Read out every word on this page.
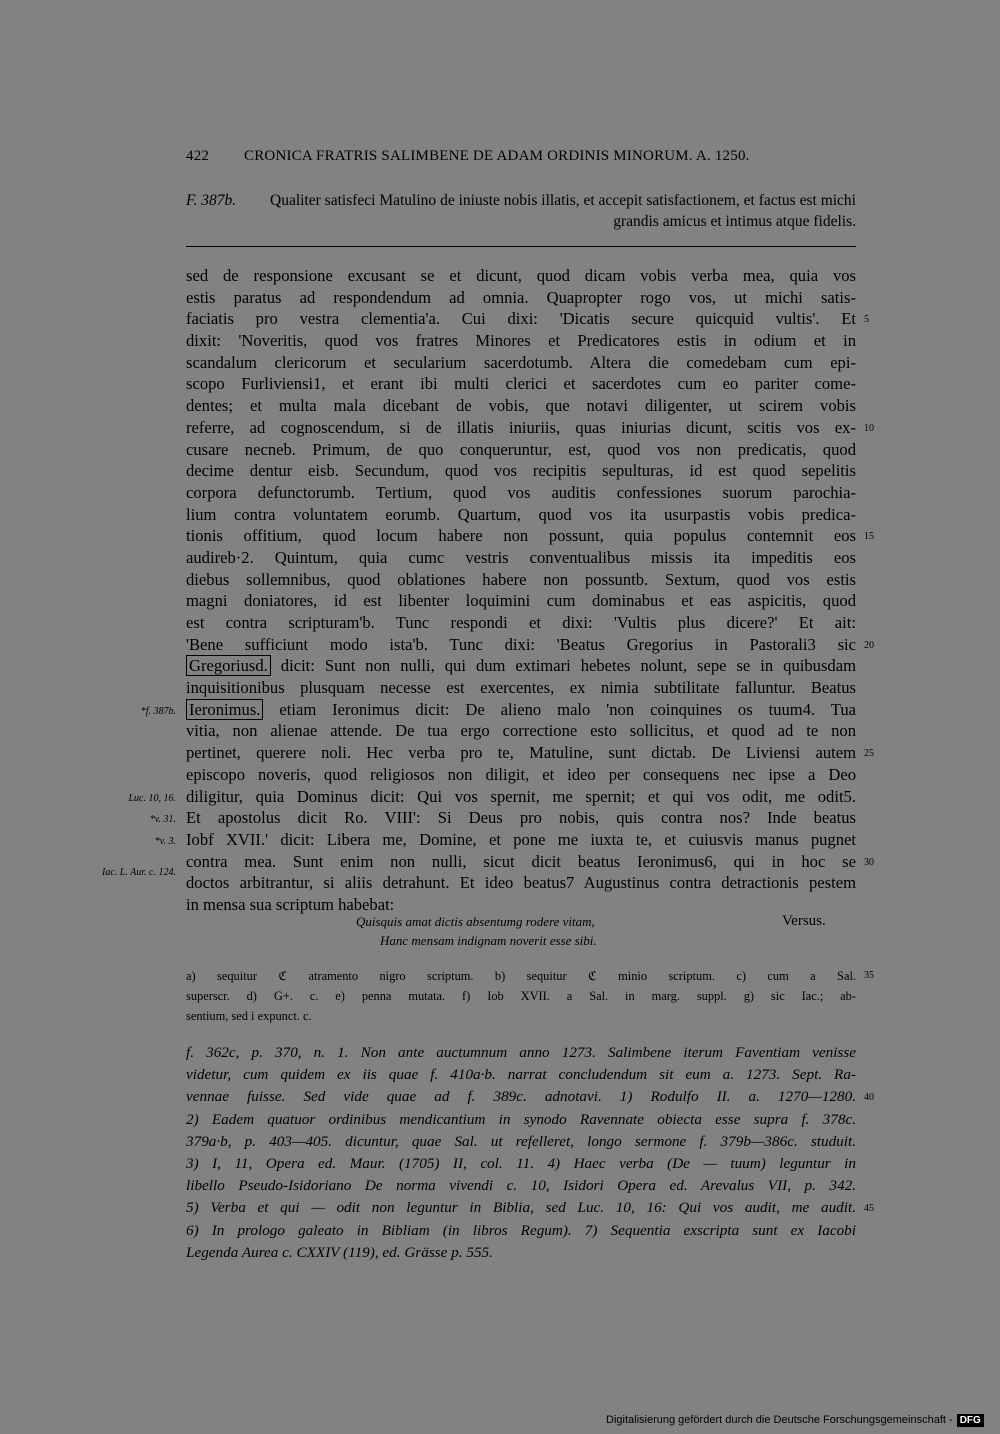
422 CRONICA FRATRIS SALIMBENE DE ADAM ORDINIS MINORUM. A. 1250.
F. 387b.	Qualiter satisfeci Matulino de iniuste nobis illatis, et accepit satisfactionem, et factus est michi grandis amicus et intimus atque fidelis.
sed de responsione excusant se et dicunt, quod dicam vobis verba mea, quia vos
estis paratus ad respondendum ad omnia. Quapropter rogo vos, ut michi satis-
faciatis pro vestra clementia'a. Cui dixi: 'Dicatis secure quicquid vultis'. Et 5
dixit: 'Noveritis, quod vos fratres Minores et Predicatores estis in odium et in
scandalum clericorum et secularium sacerdotumb. Altera die comedebam cum epi-
scopo Furliviensi1, et erant ibi multi clerici et sacerdotes cum eo pariter come-
dentes; et multa mala dicebant de vobis, que notavi diligenter, ut scirem vobis
referre, ad cognoscendum, si de illatis iniuriis, quas iniurias dicunt, scitis vos ex- 10
cusare necneb. Primum, de quo conqueruntur, est, quod vos non predicatis, quod
decime dentur eisb. Secundum, quod vos recipitis sepulturas, id est quod sepelitis
corpora defunctorumb. Tertium, quod vos auditis confessiones suorum parochia-
lium contra voluntatem eorumb. Quartum, quod vos ita usurpastis vobis predica-
tionis offitium, quod locum habere non possunt, quia populus contemnit eos 15
audireb·2. Quintum, quia cumc vestris conventualibus missis ita impeditis eos
diebus sollemnibus, quod oblationes habere non possuntb. Sextum, quod vos estis
magni doniatores, id est libenter loquimini cum dominabus et eas aspicitis, quod
est contra scripturam'b. Tunc respondi et dixi: 'Vultis plus dicere?' Et ait:
'Bene sufficiunt modo ista'b. Tunc dixi: 'Beatus Gregorius in Pastorali3 sic 20
Gregoriusd. dicit: Sunt non nulli, qui dum extimari hebetes nolunt, sepe se in quibusdam
inquisitionibus plusquam necesse est exercentes, ex nimia subtilitate falluntur. Beatus
*f. 387b. Ieronimus. etiam Ieronimus dicit: De alieno malo 'non coinquines os tuum4. Tua
vitia, non alienae attende. De tua ergo correctione esto sollicitus, et quod ad te non
pertinet, querere noli. Hec verba pro te, Matuline, sunt dictab. De Liviensi autem 25
episcopo noveris, quod religiosos non diligit, et ideo per consequens nec ipse a Deo
Luc. 10, 16. diligitur, quia Dominus dicit: Qui vos spernit, me spernit; et qui vos odit, me odit5.
*v. 31. Et apostolus dicit Ro. VIII': Si Deus pro nobis, quis contra nos? Inde beatus
*v. 3. Iobf XVII.' dicit: Libera me, Domine, et pone me iuxta te, et cuiusvis manus pugnet
contra mea. Sunt enim non nulli, sicut dicit beatus Ieronimus6, qui in hoc se 30
Iac. L. Aur. c. 124.
doctos arbitrantur, si aliis detrahunt. Et ideo beatus7 Augustinus contra detractionis pestem
in mensa sua scriptum habebat:
Quisquis amat dictis absentumg rodere vitam,
Hanc mensam indignam noverit esse sibi.
Versus.
a) sequitur ℭ atramento nigro scriptum. b) sequitur ℭ minio scriptum. c) cum a Sal. 35
superscr. d) G+. c. e) penna mutata. f) Iob XVII. a Sal. in marg. suppl. g) sic Iac.; ab-
sentium, sed i expunct. c.
f. 362c, p. 370, n. 1. Non ante auctumnum anno 1273. Salimbene iterum Faventiam venisse
videtur, cum quidem ex iis quae f. 410a·b. narrat concludendum sit eum a. 1273. Sept. Ra-
vennae fuisse. Sed vide quae ad f. 389c. adnotavi. 1) Rodulfo II. a. 1270—1280. 40
2) Eadem quatuor ordinibus mendicantium in synodo Ravennate obiecta esse supra f. 378c.
379a·b, p. 403—405. dicuntur, quae Sal. ut refelleret, longo sermone f. 379b—386c. studuit.
3) I, 11, Opera ed. Maur. (1705) II, col. 11. 4) Haec verba (De — tuum) leguntur in
libello Pseudo-Isidoriano De norma vivendi c. 10, Isidori Opera ed. Arevalus VII, p. 342.
5) Verba et qui — odit non leguntur in Biblia, sed Luc. 10, 16: Qui vos audit, me audit. 45
6) In prologo galeato in Bibliam (in libros Regum). 7) Sequentia exscripta sunt ex Iacobi
Legenda Aurea c. CXXIV (119), ed. Grässe p. 555.
Digitalisierung gefördert durch die Deutsche Forschungsgemeinschaft - DFG
